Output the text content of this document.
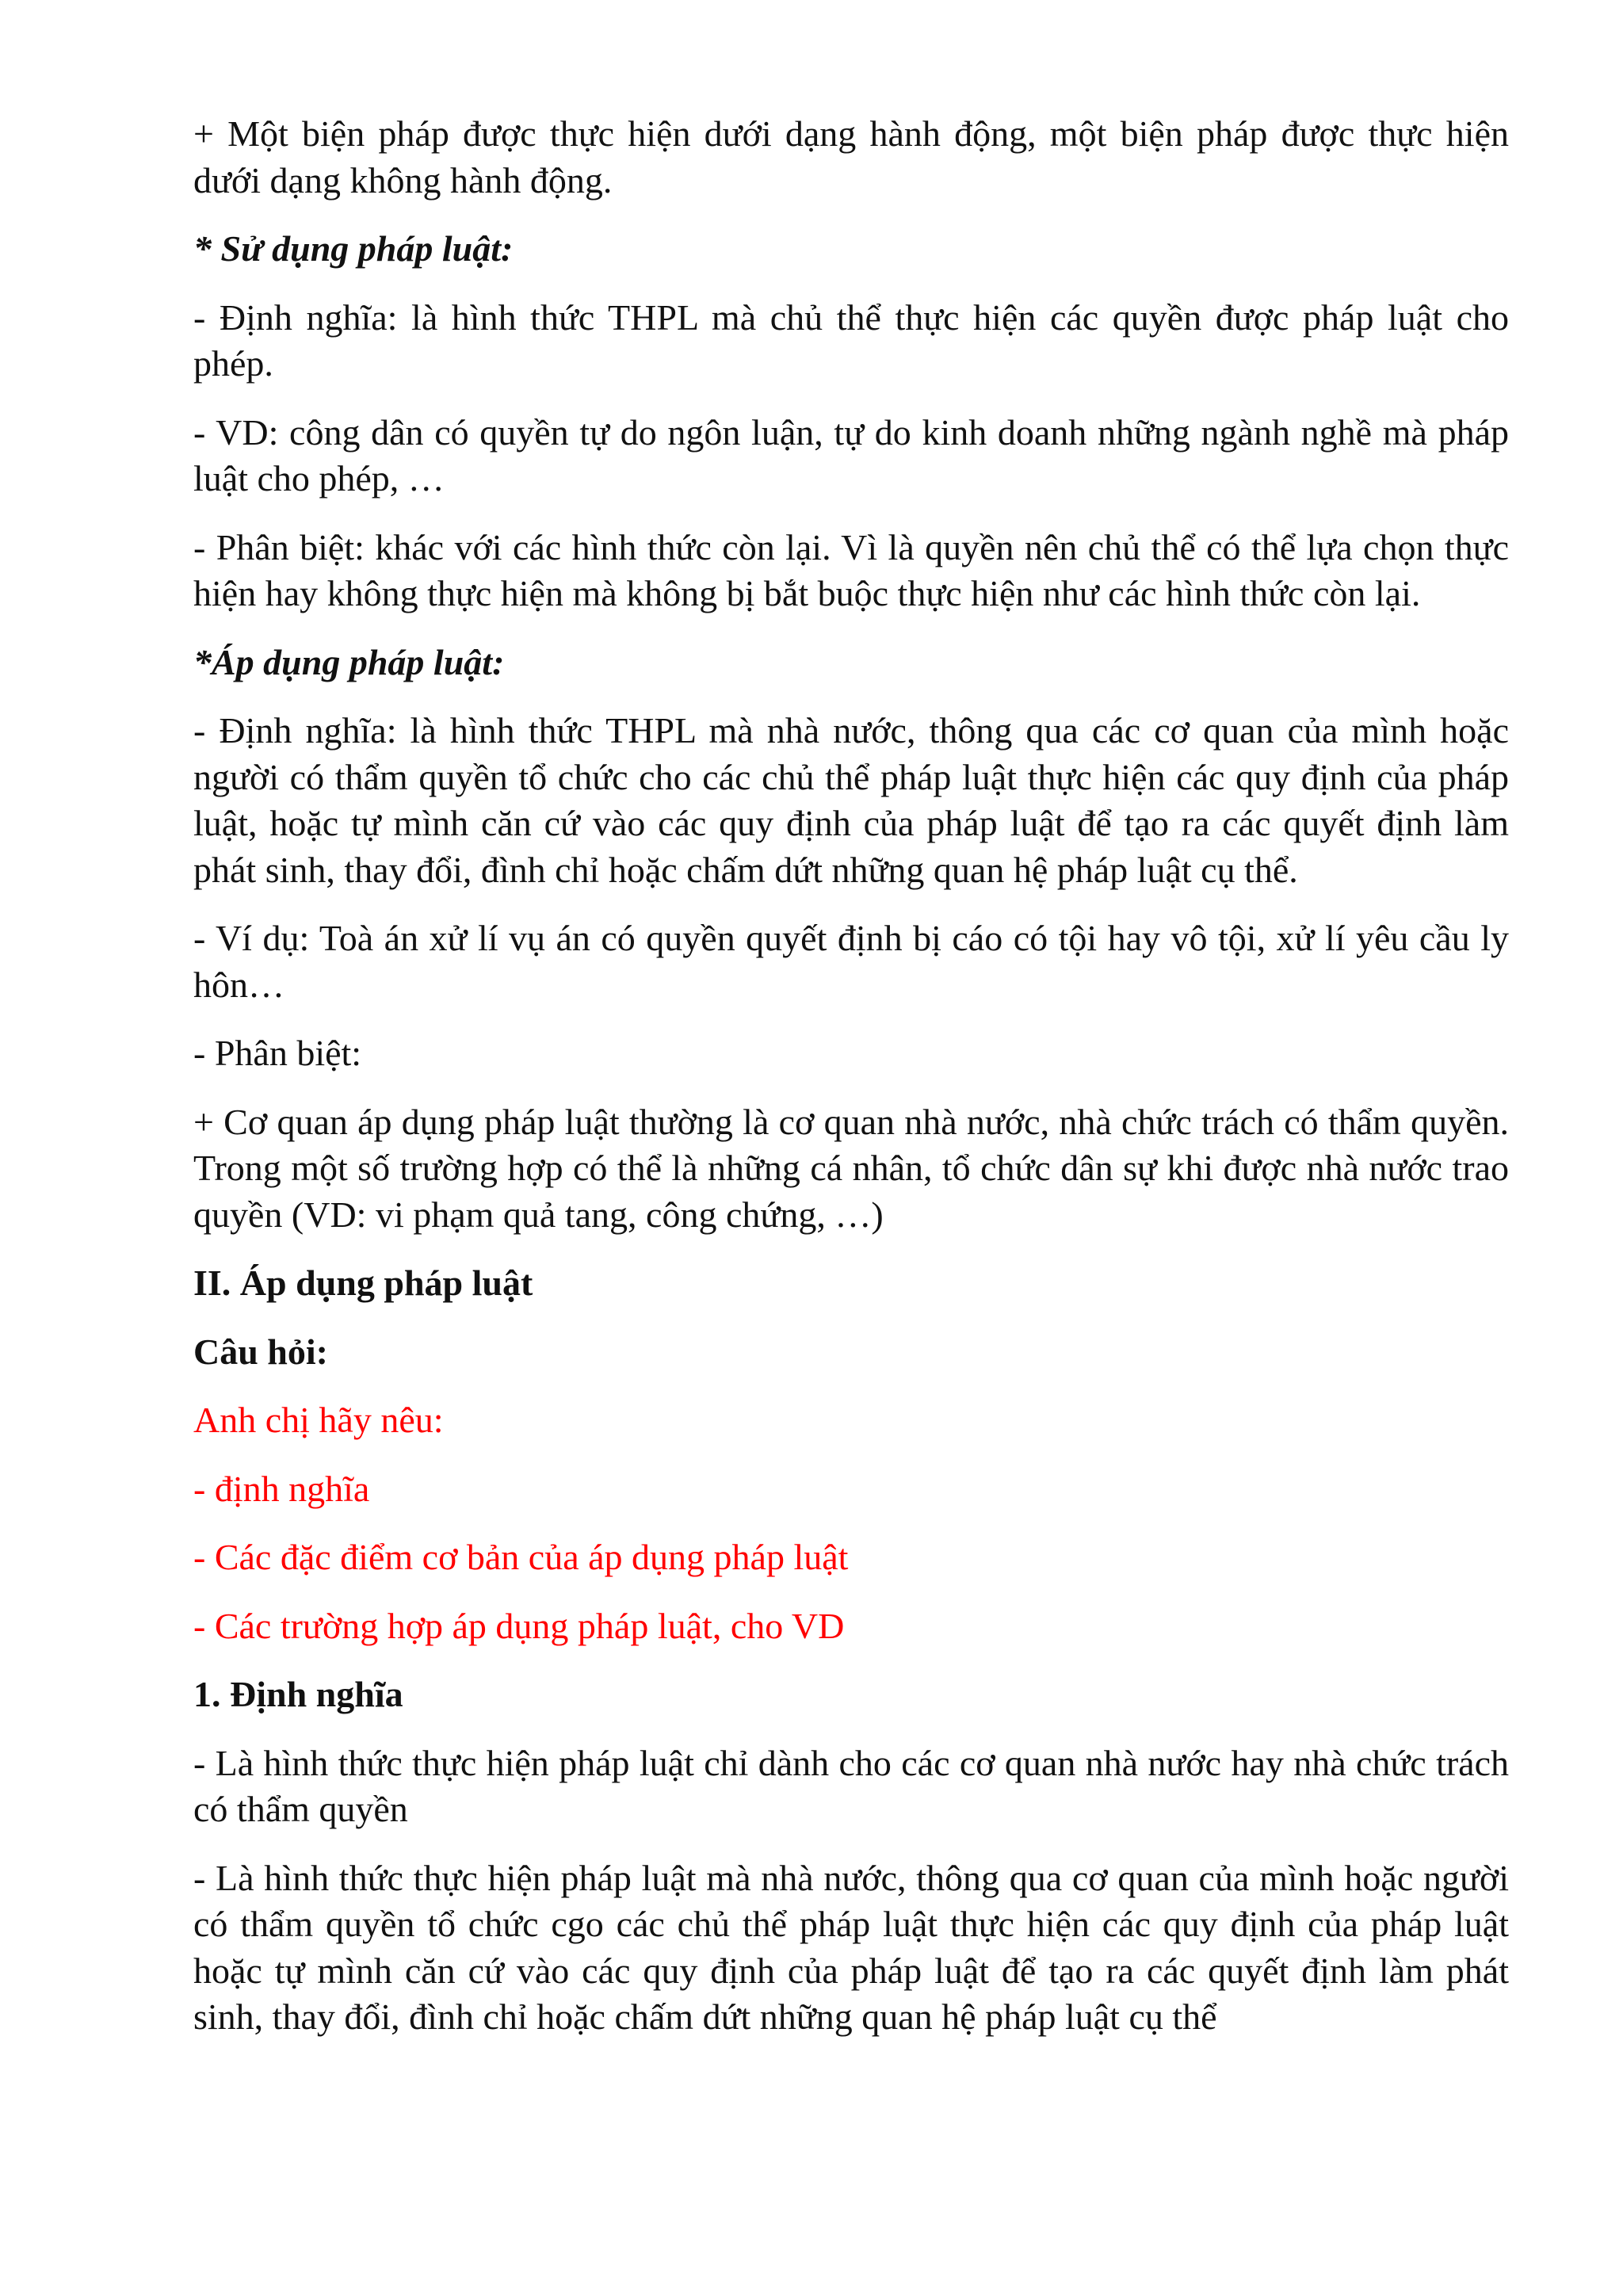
+ Một biện pháp được thực hiện dưới dạng hành động, một biện pháp được thực hiện dưới dạng không hành động.

* Sử dụng pháp luật:

- Định nghĩa: là hình thức THPL mà chủ thể thực hiện các quyền được pháp luật cho phép.

- VD: công dân có quyền tự do ngôn luận, tự do kinh doanh những ngành nghề mà pháp luật cho phép, …

- Phân biệt: khác với các hình thức còn lại. Vì là quyền nên chủ thể có thể lựa chọn thực hiện hay không thực hiện mà không bị bắt buộc thực hiện như các hình thức còn lại.

*Áp dụng pháp luật:

- Định nghĩa: là hình thức THPL mà nhà nước, thông qua các cơ quan của mình hoặc người có thẩm quyền tổ chức cho các chủ thể pháp luật thực hiện các quy định của pháp luật, hoặc tự mình căn cứ vào các quy định của pháp luật để tạo ra các quyết định làm phát sinh, thay đổi, đình chỉ hoặc chấm dứt những quan hệ pháp luật cụ thể.

- Ví dụ: Toà án xử lí vụ án có quyền quyết định bị cáo có tội hay vô tội, xử lí yêu cầu ly hôn…

- Phân biệt:

+ Cơ quan áp dụng pháp luật thường là cơ quan nhà nước, nhà chức trách có thẩm quyền. Trong một số trường hợp có thể là những cá nhân, tổ chức dân sự khi được nhà nước trao quyền (VD: vi phạm quả tang, công chứng, …)

II. Áp dụng pháp luật

Câu hỏi:

Anh chị hãy nêu:

- định nghĩa

- Các đặc điểm cơ bản của áp dụng pháp luật

- Các trường hợp áp dụng pháp luật, cho VD

1. Định nghĩa

- Là hình thức thực hiện pháp luật chỉ dành cho các cơ quan nhà nước hay nhà chức trách có thẩm quyền

- Là hình thức thực hiện pháp luật mà nhà nước, thông qua cơ quan của mình hoặc người có thẩm quyền tổ chức cgo các chủ thể pháp luật thực hiện các quy định của pháp luật hoặc tự mình căn cứ vào các quy định của pháp luật để tạo ra các quyết định làm phát sinh, thay đổi, đình chỉ hoặc chấm dứt những quan hệ pháp luật cụ thể
